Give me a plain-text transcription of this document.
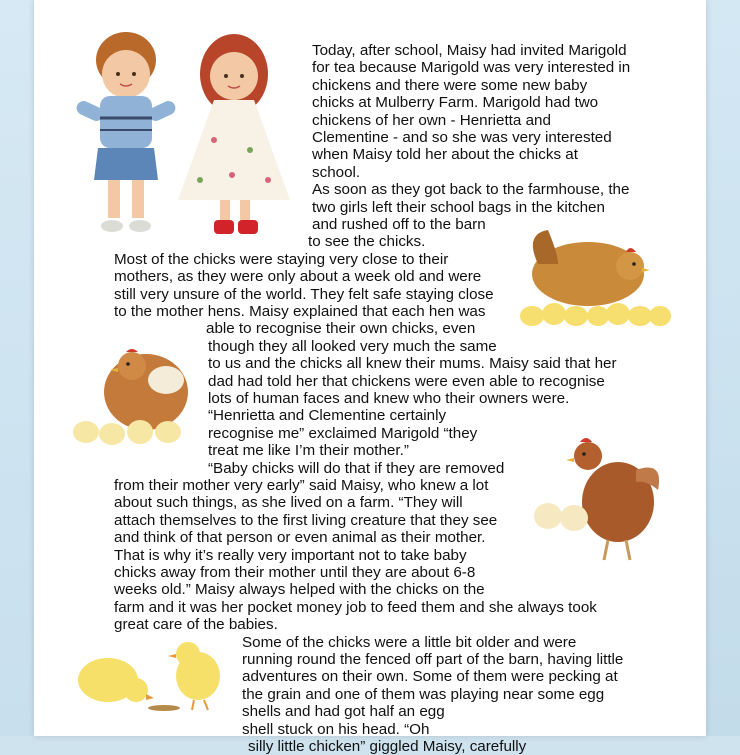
Today, after school, Maisy had invited Marigold
for tea because Marigold was very interested in
chickens and there were some new baby
chicks at Mulberry Farm. Marigold had two
chickens of her own - Henrietta and
Clementine - and so she was very interested
when Maisy told her about the chicks at
school.
As soon as they got back to the farmhouse, the
two girls left their school bags in the kitchen
and rushed off to the barn
to see the chicks.
Most of the chicks were staying very close to their
mothers, as they were only about a week old and were
still very unsure of the world. They felt safe staying close
to the mother hens. Maisy explained that each hen was
able to recognise their own chicks, even
though they all looked very much the same
to us and the chicks all knew their mums. Maisy said that her
dad had told her that chickens were even able to recognise
lots of human faces and knew who their owners were.
“Henrietta and Clementine certainly
recognise me” exclaimed Marigold “they
treat me like I’m their mother.”
“Baby chicks will do that if they are removed
from their mother very early” said Maisy, who knew a lot
about such things, as she lived on a farm. “They will
attach themselves to the first living creature that they see
and think of that person or even animal as their mother.
That is why it’s really very important not to take baby
chicks away from their mother until they are about 6-8
weeks old.” Maisy always helped with the chicks on the
farm and it was her pocket money job to feed them and she always took
great care of the babies.
Some of the chicks were a little bit older and were
running round the fenced off part of the barn, having little
adventures on their own. Some of them were pecking at
the grain and one of them was playing near some egg
shells and had got half an egg
shell stuck on his head. “Oh
silly little chicken” giggled Maisy, carefully
